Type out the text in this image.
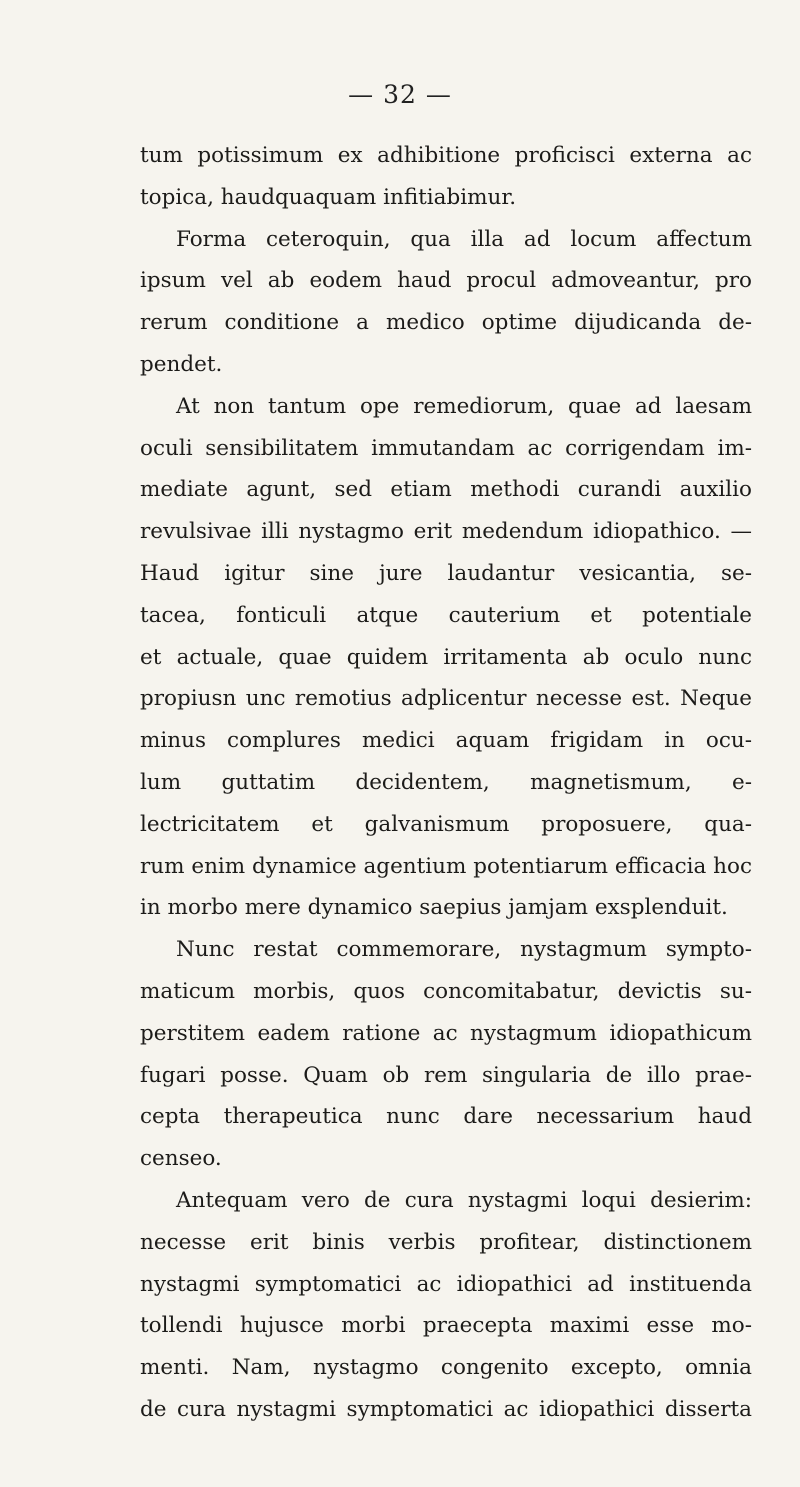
— 32 —
tum potissimum ex adhibitione proficisci externa ac
topica, haudquaquam infitiabimur.
Forma ceteroquin, qua illa ad locum affectum
ipsum vel ab eodem haud procul admoveantur, pro
rerum conditione a medico optime dijudicanda de-
pendet.
At non tantum ope remediorum, quae ad laesam
oculi sensibilitatem immutandam ac corrigendam im-
mediate agunt, sed etiam methodi curandi auxilio
revulsivae illi nystagmo erit medendum idiopathico. —
Haud igitur sine jure laudantur vesicantia, se-
tacea, fonticuli atque cauterium et potentiale
et actuale, quae quidem irritamenta ab oculo nunc
propiusn unc remotius adplicentur necesse est. Neque
minus complures medici aquam frigidam in ocu-
lum guttatim decidentem, magnetismum, e-
lectricitatem et galvanismum proposuere, qua-
rum enim dynamice agentium potentiarum efficacia hoc
in morbo mere dynamico saepius jamjam exsplenduit.
Nunc restat commemorare, nystagmum sympto-
maticum morbis, quos concomitabatur, devictis su-
perstitem eadem ratione ac nystagmum idiopathicum
fugari posse. Quam ob rem singularia de illo prae-
cepta therapeutica nunc dare necessarium haud
censeo.
Antequam vero de cura nystagmi loqui desierim:
necesse erit binis verbis profitear, distinctionem
nystagmi symptomatici ac idiopathici ad instituenda
tollendi hujusce morbi praecepta maximi esse mo-
menti. Nam, nystagmo congenito excepto, omnia
de cura nystagmi symptomatici ac idiopathici disserta
